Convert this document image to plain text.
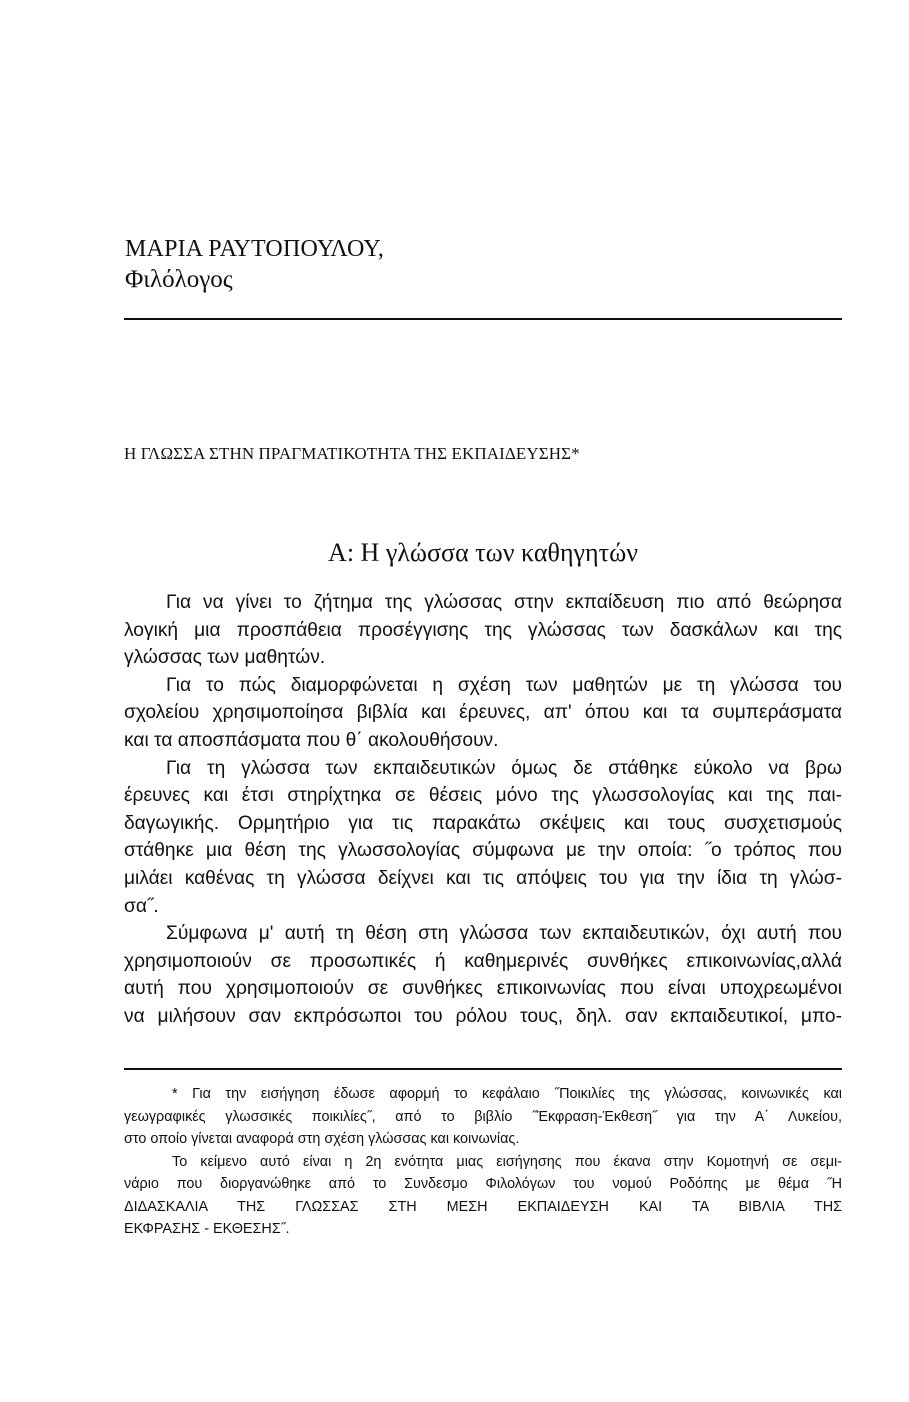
ΜΑΡΙΑ ΡΑΥΤΟΠΟΥΛΟΥ,
Φιλόλογος
Η ΓΛΩΣΣΑ ΣΤΗΝ ΠΡΑΓΜΑΤΙΚΟΤΗΤΑ ΤΗΣ ΕΚΠΑΙΔΕΥΣΗΣ*
Α: Η γλώσσα των καθηγητών

Για να γίνει το ζήτημα της γλώσσας στην εκπαίδευση πιο από θεώρησα
λογική μια προσπάθεια προσέγγισης της γλώσσας των δασκάλων και της
γλώσσας των μαθητών.

Για το πώς διαμορφώνεται η σχέση των μαθητών με τη γλώσσα του
σχολείου χρησιμοποίησα βιβλία και έρευνες, απ' όπου και τα συμπεράσματα
και τα αποσπάσματα που θ΄ ακολουθήσουν.

Για τη γλώσσα των εκπαιδευτικών όμως δε στάθηκε εύκολο να βρω
έρευνες και έτσι στηρίχτηκα σε θέσεις μόνο της γλωσσολογίας και της παι-
δαγωγικής. Ορμητήριο για τις παρακάτω σκέψεις και τους συσχετισμούς
στάθηκε μια θέση της γλωσσολογίας σύμφωνα με την οποία: ˝ο τρόπος που
μιλάει καθένας τη γλώσσα δείχνει και τις απόψεις του για την ίδια τη γλώσ-
σα˝.

Σύμφωνα μ' αυτή τη θέση στη γλώσσα των εκπαιδευτικών, όχι αυτή που
χρησιμοποιούν σε προσωπικές ή καθημερινές συνθήκες επικοινωνίας,αλλά
αυτή που χρησιμοποιούν σε συνθήκες επικοινωνίας που είναι υποχρεωμένοι
να μιλήσουν σαν εκπρόσωποι του ρόλου τους, δηλ. σαν εκπαιδευτικοί, μπο-

* Για την εισήγηση έδωσε αφορμή το κεφάλαιο ˝Ποικιλίες της γλώσσας, κοινωνικές και
γεωγραφικές γλωσσικές ποικιλίες˝, από το βιβλίο ˝Έκφραση-Έκθεση˝ για την Α΄ Λυκείου,
στο οποίο γίνεται αναφορά στη σχέση γλώσσας και κοινωνίας.
Το κείμενο αυτό είναι η 2η ενότητα μιας εισήγησης που έκανα στην Κομοτηνή σε σεμι-
νάριο που διοργανώθηκε από το Συνδεσμο Φιλολόγων του νομού Ροδόπης με θέμα ˝Η
ΔΙΔΑΣΚΑΛΙΑ ΤΗΣ ΓΛΩΣΣΑΣ ΣΤΗ ΜΕΣΗ ΕΚΠΑΙΔΕΥΣΗ ΚΑΙ ΤΑ ΒΙΒΛΙΑ ΤΗΣ
ΕΚΦΡΑΣΗΣ - ΕΚΘΕΣΗΣ˝.
